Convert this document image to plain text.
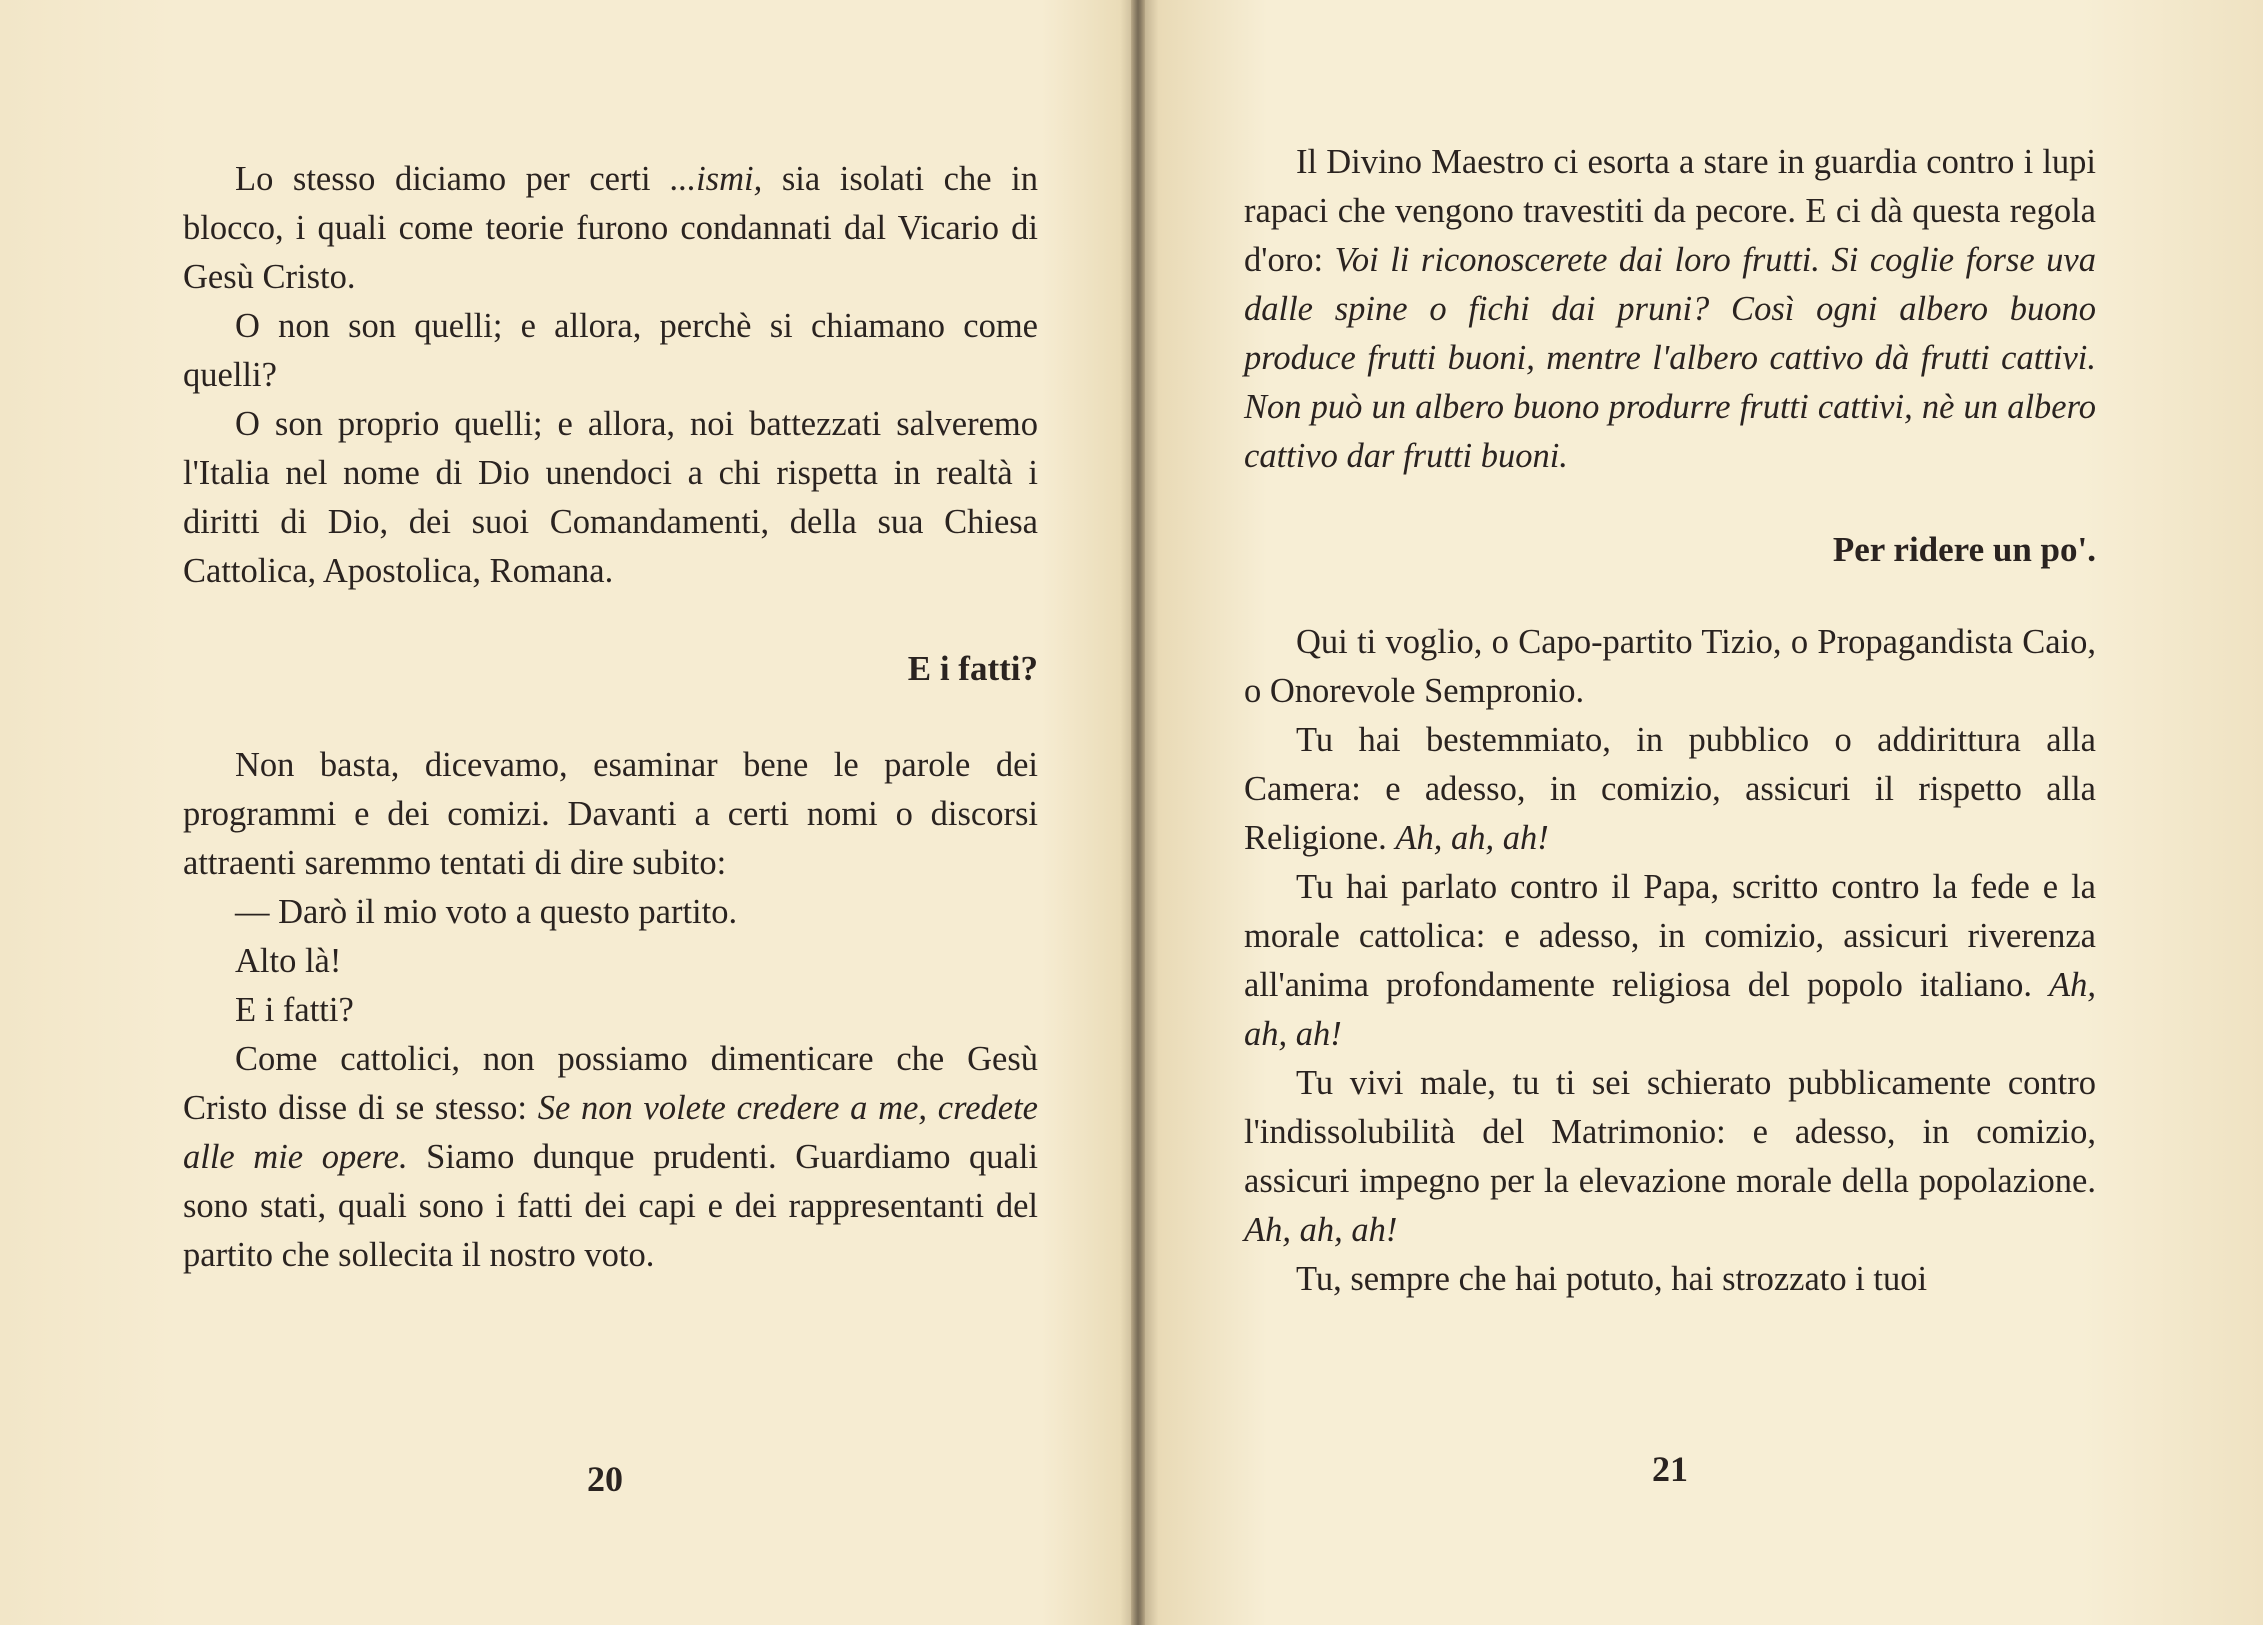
Lo stesso diciamo per certi ...ismi, sia isolati che in blocco, i quali come teorie furono condannati dal Vicario di Gesù Cristo.

O non son quelli; e allora, perchè si chiamano come quelli?

O son proprio quelli; e allora, noi battezzati salveremo l'Italia nel nome di Dio unendoci a chi rispetta in realtà i diritti di Dio, dei suoi Comandamenti, della sua Chiesa Cattolica, Apostolica, Romana.

E i fatti?

Non basta, dicevamo, esaminar bene le parole dei programmi e dei comizi. Davanti a certi nomi o discorsi attraenti saremmo tentati di dire subito:

— Darò il mio voto a questo partito.

Alto là!

E i fatti?

Come cattolici, non possiamo dimenticare che Gesù Cristo disse di se stesso: Se non volete credere a me, credete alle mie opere. Siamo dunque prudenti. Guardiamo quali sono stati, quali sono i fatti dei capi e dei rappresentanti del partito che sollecita il nostro voto.

20

Il Divino Maestro ci esorta a stare in guardia contro i lupi rapaci che vengono travestiti da pecore. E ci dà questa regola d'oro: Voi li riconoscerete dai loro frutti. Si coglie forse uva dalle spine o fichi dai pruni? Così ogni albero buono produce frutti buoni, mentre l'albero cattivo dà frutti cattivi. Non può un albero buono produrre frutti cattivi, nè un albero cattivo dar frutti buoni.

Per ridere un po'.

Qui ti voglio, o Capo-partito Tizio, o Propagandista Caio, o Onorevole Sempronio.

Tu hai bestemmiato, in pubblico o addirittura alla Camera: e adesso, in comizio, assicuri il rispetto alla Religione. Ah, ah, ah!

Tu hai parlato contro il Papa, scritto contro la fede e la morale cattolica: e adesso, in comizio, assicuri riverenza all'anima profondamente religiosa del popolo italiano. Ah, ah, ah!

Tu vivi male, tu ti sei schierato pubblicamente contro l'indissolubilità del Matrimonio: e adesso, in comizio, assicuri impegno per la elevazione morale della popolazione. Ah, ah, ah!

Tu, sempre che hai potuto, hai strozzato i tuoi

21
